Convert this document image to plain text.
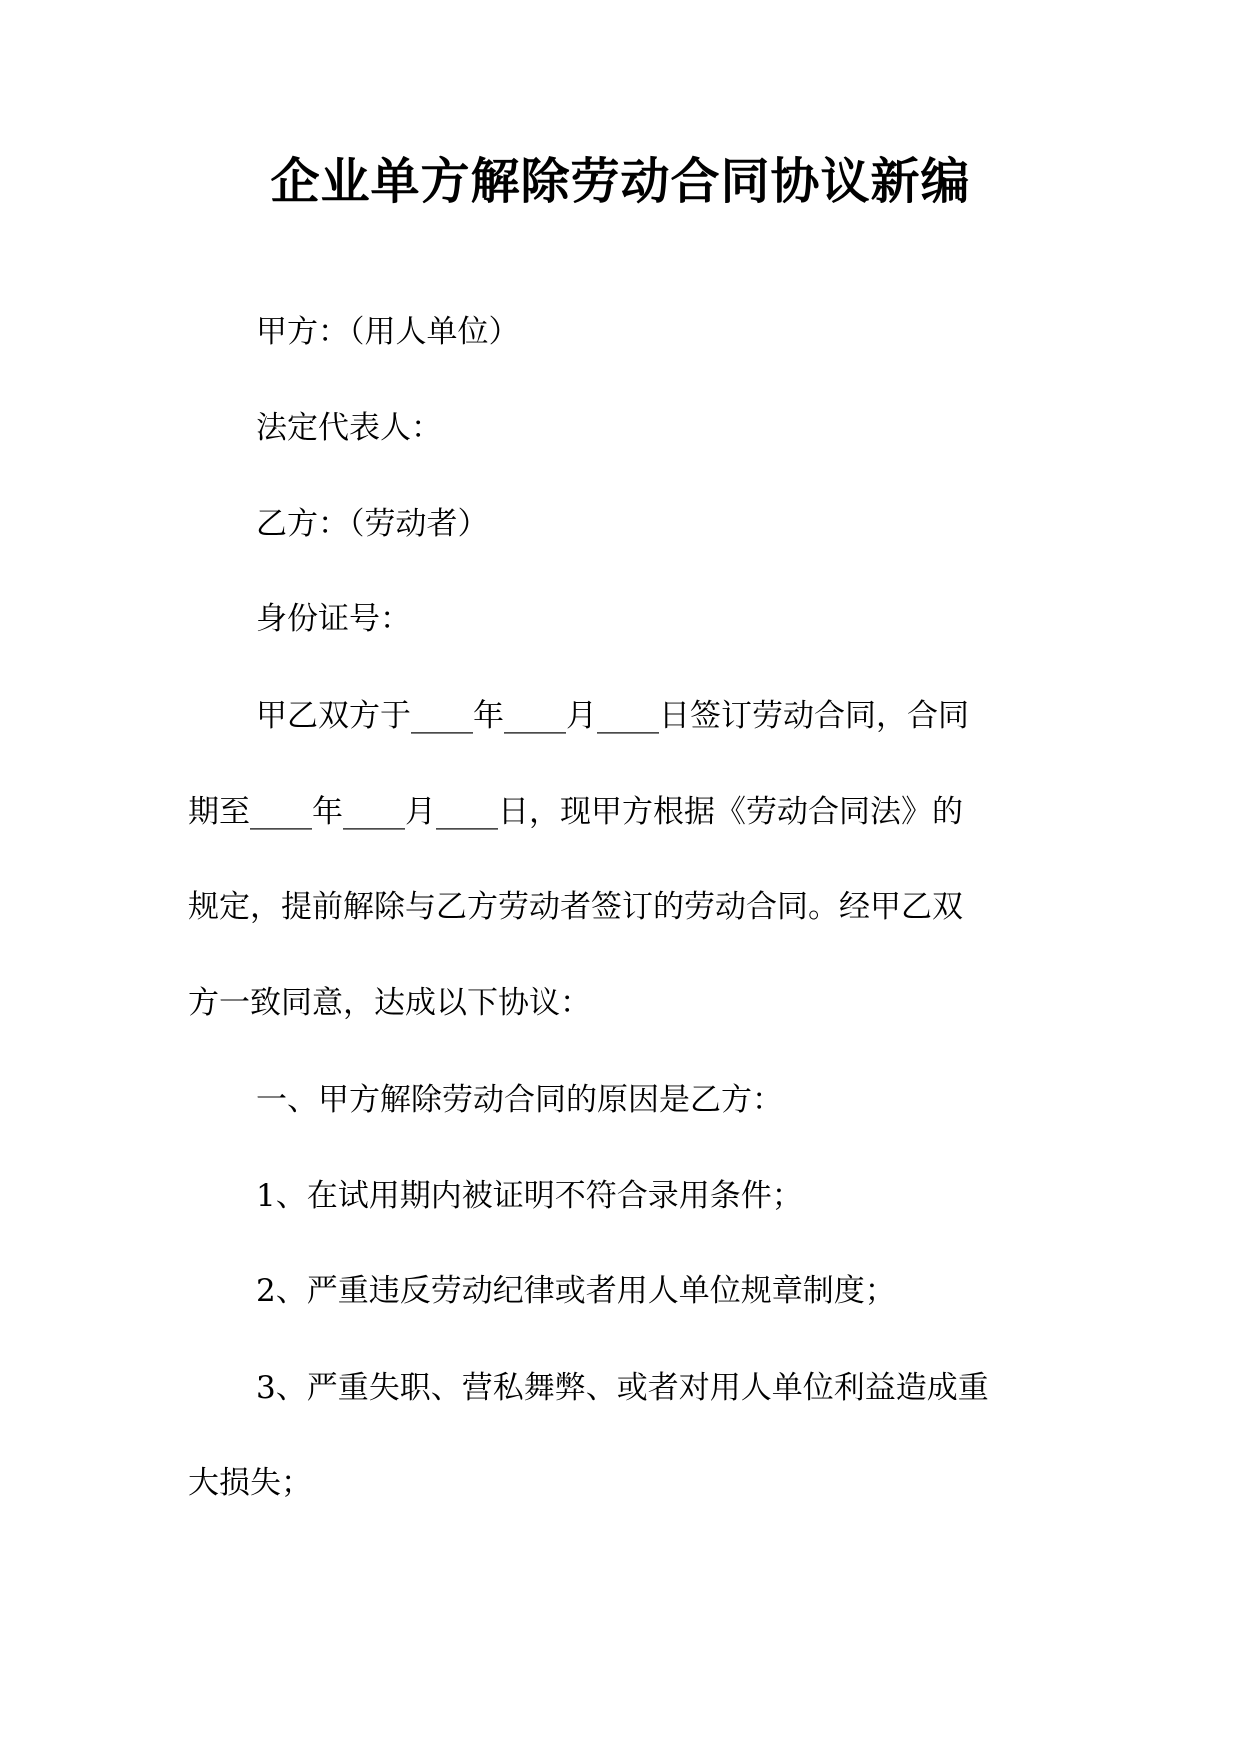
企业单方解除劳动合同协议新编

甲方：（用人单位）

法定代表人：

乙方：（劳动者）

身份证号：

甲乙双方于____年____月____日签订劳动合同，合同

期至____年____月____日，现甲方根据《劳动合同法》的

规定，提前解除与乙方劳动者签订的劳动合同。经甲乙双

方一致同意，达成以下协议：

一、甲方解除劳动合同的原因是乙方：

1、在试用期内被证明不符合录用条件；

2、严重违反劳动纪律或者用人单位规章制度；

3、严重失职、营私舞弊、或者对用人单位利益造成重

大损失；
